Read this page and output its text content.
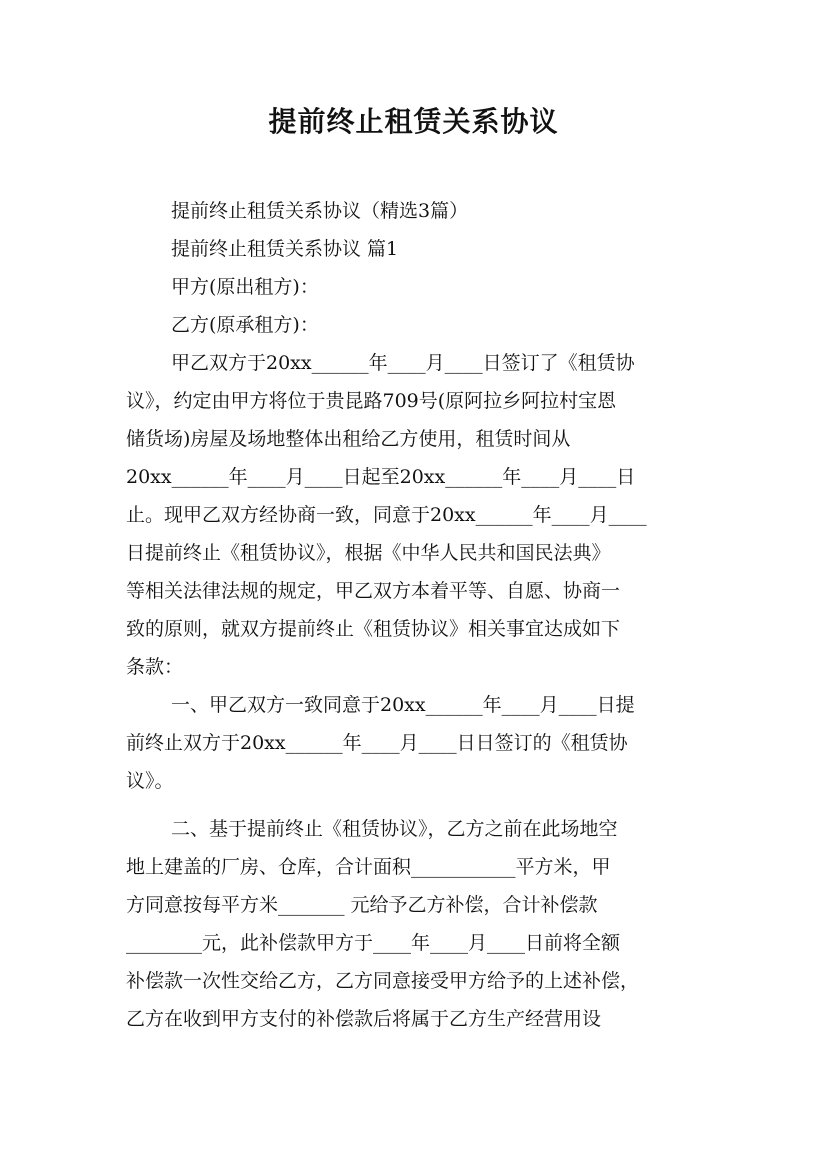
提前终止租赁关系协议
提前终止租赁关系协议（精选3篇）
提前终止租赁关系协议 篇1
甲方(原出租方)：
乙方(原承租方)：
甲乙双方于20xx______年____月____日签订了《租赁协
议》，约定由甲方将位于贵昆路709号(原阿拉乡阿拉村宝恩
储货场)房屋及场地整体出租给乙方使用，租赁时间从
20xx______年____月____日起至20xx______年____月____日
止。现甲乙双方经协商一致，同意于20xx______年____月____
日提前终止《租赁协议》，根据《中华人民共和国民法典》
等相关法律法规的规定，甲乙双方本着平等、自愿、协商一
致的原则，就双方提前终止《租赁协议》相关事宜达成如下
条款：
一、甲乙双方一致同意于20xx______年____月____日提
前终止双方于20xx______年____月____日日签订的《租赁协
议》。
二、基于提前终止《租赁协议》，乙方之前在此场地空
地上建盖的厂房、仓库，合计面积___________平方米，甲
方同意按每平方米_______ 元给予乙方补偿，合计补偿款
________元，此补偿款甲方于____年____月____日前将全额
补偿款一次性交给乙方，乙方同意接受甲方给予的上述补偿，
乙方在收到甲方支付的补偿款后将属于乙方生产经营用设
